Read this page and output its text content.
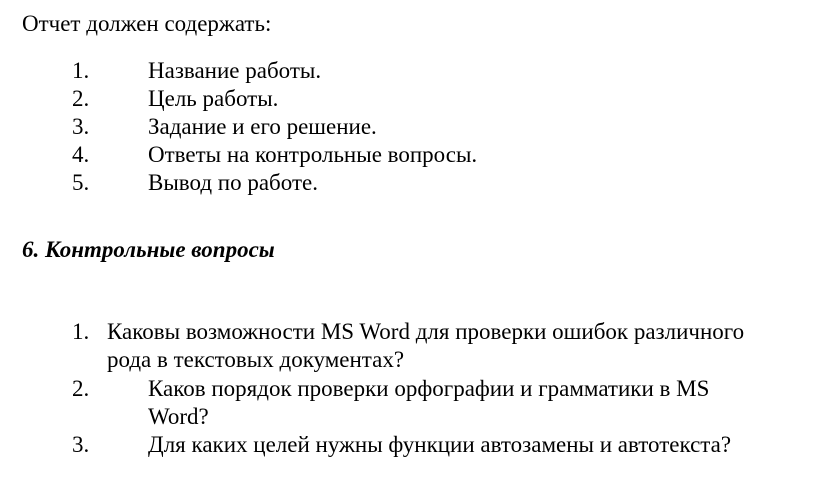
Отчет должен содержать:
1.	Название работы.
2.	Цель работы.
3.	Задание и его решение.
4.	Ответы на контрольные вопросы.
5.	Вывод по работе.
6. Контрольные вопросы
1. Каковы возможности MS Word для проверки ошибок различного
рода в текстовых документах?
2.	Каков порядок проверки орфографии и грамматики в MS
Word?
3.	Для каких целей нужны функции автозамены и автотекста?
